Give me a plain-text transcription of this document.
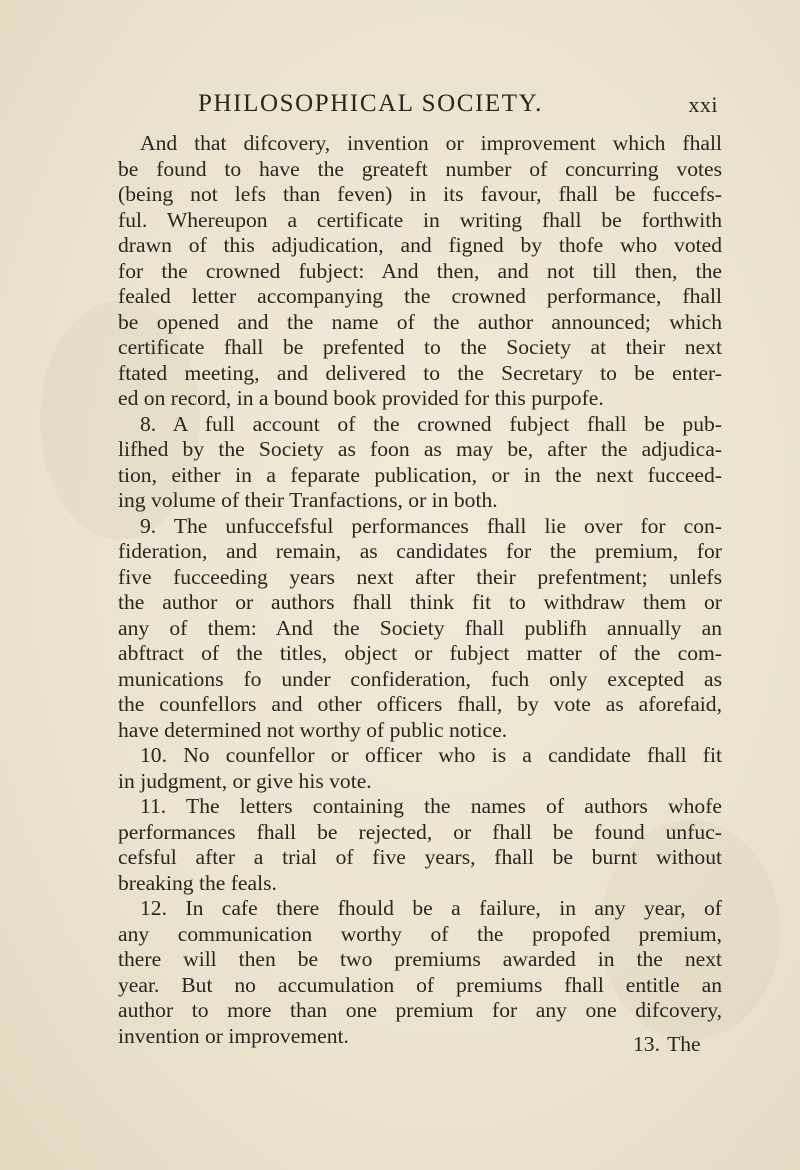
PHILOSOPHICAL SOCIETY.	xxi
And that difcovery, invention or improvement which fhall
be found to have the greateft number of concurring votes
(being not lefs than feven) in its favour, fhall be fuccefs-
ful. Whereupon a certificate in writing fhall be forthwith
drawn of this adjudication, and figned by thofe who voted
for the crowned fubject: And then, and not till then, the
fealed letter accompanying the crowned performance, fhall
be opened and the name of the author announced; which
certificate fhall be prefented to the Society at their next
ftated meeting, and delivered to the Secretary to be enter-
ed on record, in a bound book provided for this purpofe.
8. A full account of the crowned fubject fhall be pub-
lifhed by the Society as foon as may be, after the adjudica-
tion, either in a feparate publication, or in the next fucceed-
ing volume of their Tranfactions, or in both.
9. The unfuccefsful performances fhall lie over for con-
fideration, and remain, as candidates for the premium, for
five fucceeding years next after their prefentment; unlefs
the author or authors fhall think fit to withdraw them or
any of them: And the Society fhall publifh annually an
abftract of the titles, object or fubject matter of the com-
munications fo under confideration, fuch only excepted as
the counfellors and other officers fhall, by vote as aforefaid,
have determined not worthy of public notice.
10. No counfellor or officer who is a candidate fhall fit
in judgment, or give his vote.
11. The letters containing the names of authors whofe
performances fhall be rejected, or fhall be found unfuc-
cefsful after a trial of five years, fhall be burnt without
breaking the feals.
12. In cafe there fhould be a failure, in any year, of
any communication worthy of the propofed premium,
there will then be two premiums awarded in the next
year. But no accumulation of premiums fhall entitle an
author to more than one premium for any one difcovery,
invention or improvement.	13. The
